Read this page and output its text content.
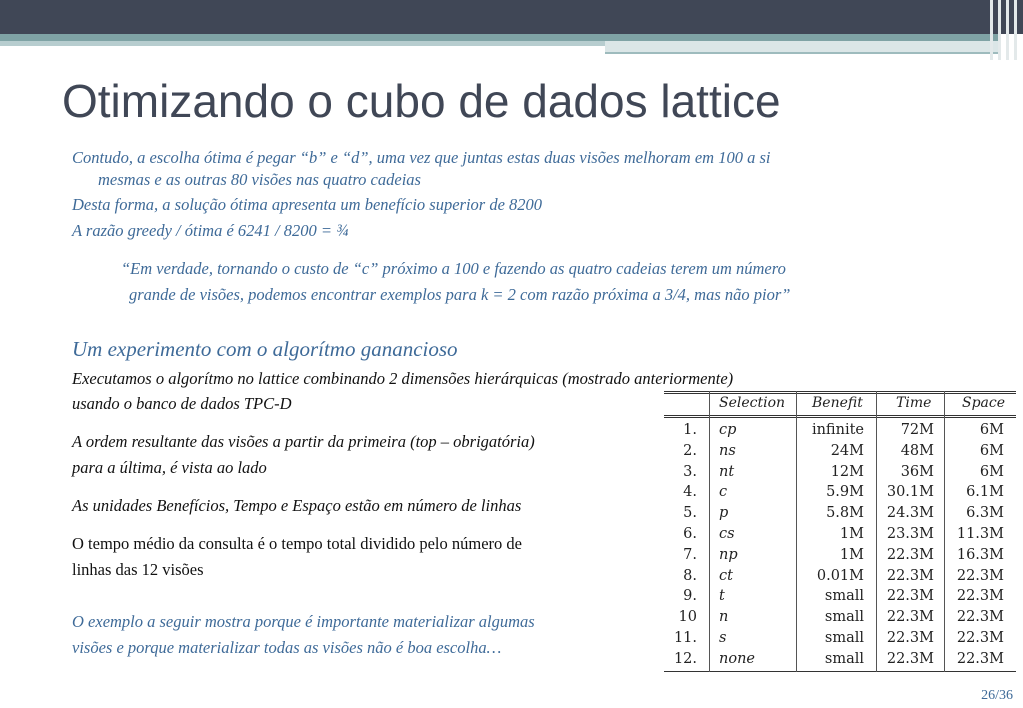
Otimizando o cubo de dados lattice

Contudo, a escolha ótima é pegar “b” e “d”, uma vez que juntas estas duas visões melhoram em 100 a si

mesmas e as outras 80 visões nas quatro cadeias

Desta forma, a solução ótima apresenta um benefício superior de 8200

A razão greedy / ótima é 6241 / 8200 = ¾

“Em verdade, tornando o custo de “c” próximo a 100 e fazendo as quatro cadeias terem um número

grande de visões, podemos encontrar exemplos para k = 2 com razão próxima a 3/4, mas não pior”

Um experimento com o algorítmo ganancioso

Executamos o algorítmo no lattice combinando 2 dimensões hierárquicas (mostrado anteriormente)

usando o banco de dados TPC-D

A ordem resultante das visões a partir da primeira (top – obrigatória)

para a última, é vista ao lado

As unidades Benefícios, Tempo e Espaço estão em número de linhas

O tempo médio da consulta é o tempo total dividido pelo número de

linhas das 12 visões

O exemplo a seguir mostra porque é importante materializar algumas

visões e porque materializar todas as visões não é boa escolha…

Selection Benefit Time Space
1. cp	infinite	72M	6M
2. ns	24M	48M	6M
3. nt	12M	36M	6M
4. c	5.9M	30.1M	6.1M
5. p	5.8M	24.3M	6.3M
6. cs	1M	23.3M	11.3M
7. np	1M	22.3M	16.3M
8. ct	0.01M	22.3M	22.3M
9. t	small	22.3M	22.3M
10 n	small	22.3M	22.3M
11. s	small	22.3M	22.3M
12. none	small	22.3M	22.3M
26/36
